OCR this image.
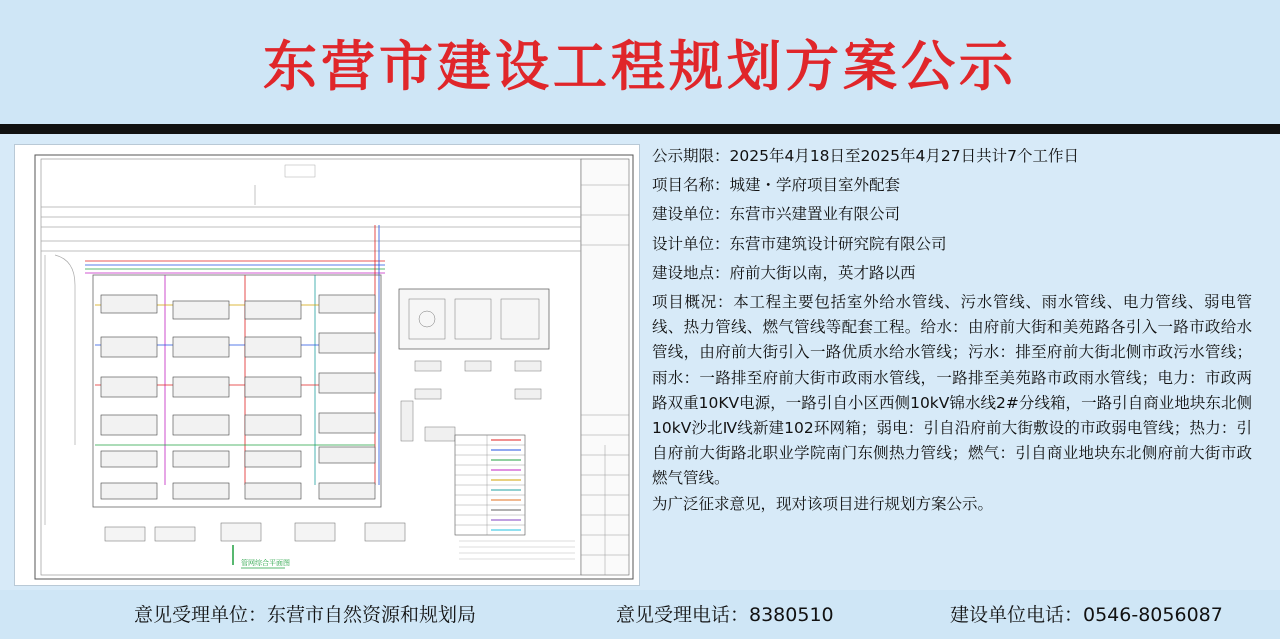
东营市建设工程规划方案公示
管网综合平面图
公示期限：2025年4月18日至2025年4月27日共计7个工作日
项目名称：城建・学府项目室外配套
建设单位：东营市兴建置业有限公司
设计单位：东营市建筑设计研究院有限公司
建设地点：府前大街以南，英才路以西
项目概况：本工程主要包括室外给水管线、污水管线、雨水管线、电力管线、弱电管线、热力管线、燃气管线等配套工程。给水：由府前大街和美苑路各引入一路市政给水管线，由府前大街引入一路优质水给水管线；污水：排至府前大街北侧市政污水管线；雨水：一路排至府前大街市政雨水管线，一路排至美苑路市政雨水管线；电力：市政两路双重10KV电源，一路引自小区西侧10kV锦水线2#分线箱，一路引自商业地块东北侧10kV沙北Ⅳ线新建102环网箱；弱电：引自沿府前大街敷设的市政弱电管线；热力：引自府前大街路北职业学院南门东侧热力管线；燃气：引自商业地块东北侧府前大街市政燃气管线。
为广泛征求意见，现对该项目进行规划方案公示。
意见受理单位：东营市自然资源和规划局	意见受理电话：8380510	建设单位电话：0546-8056087
